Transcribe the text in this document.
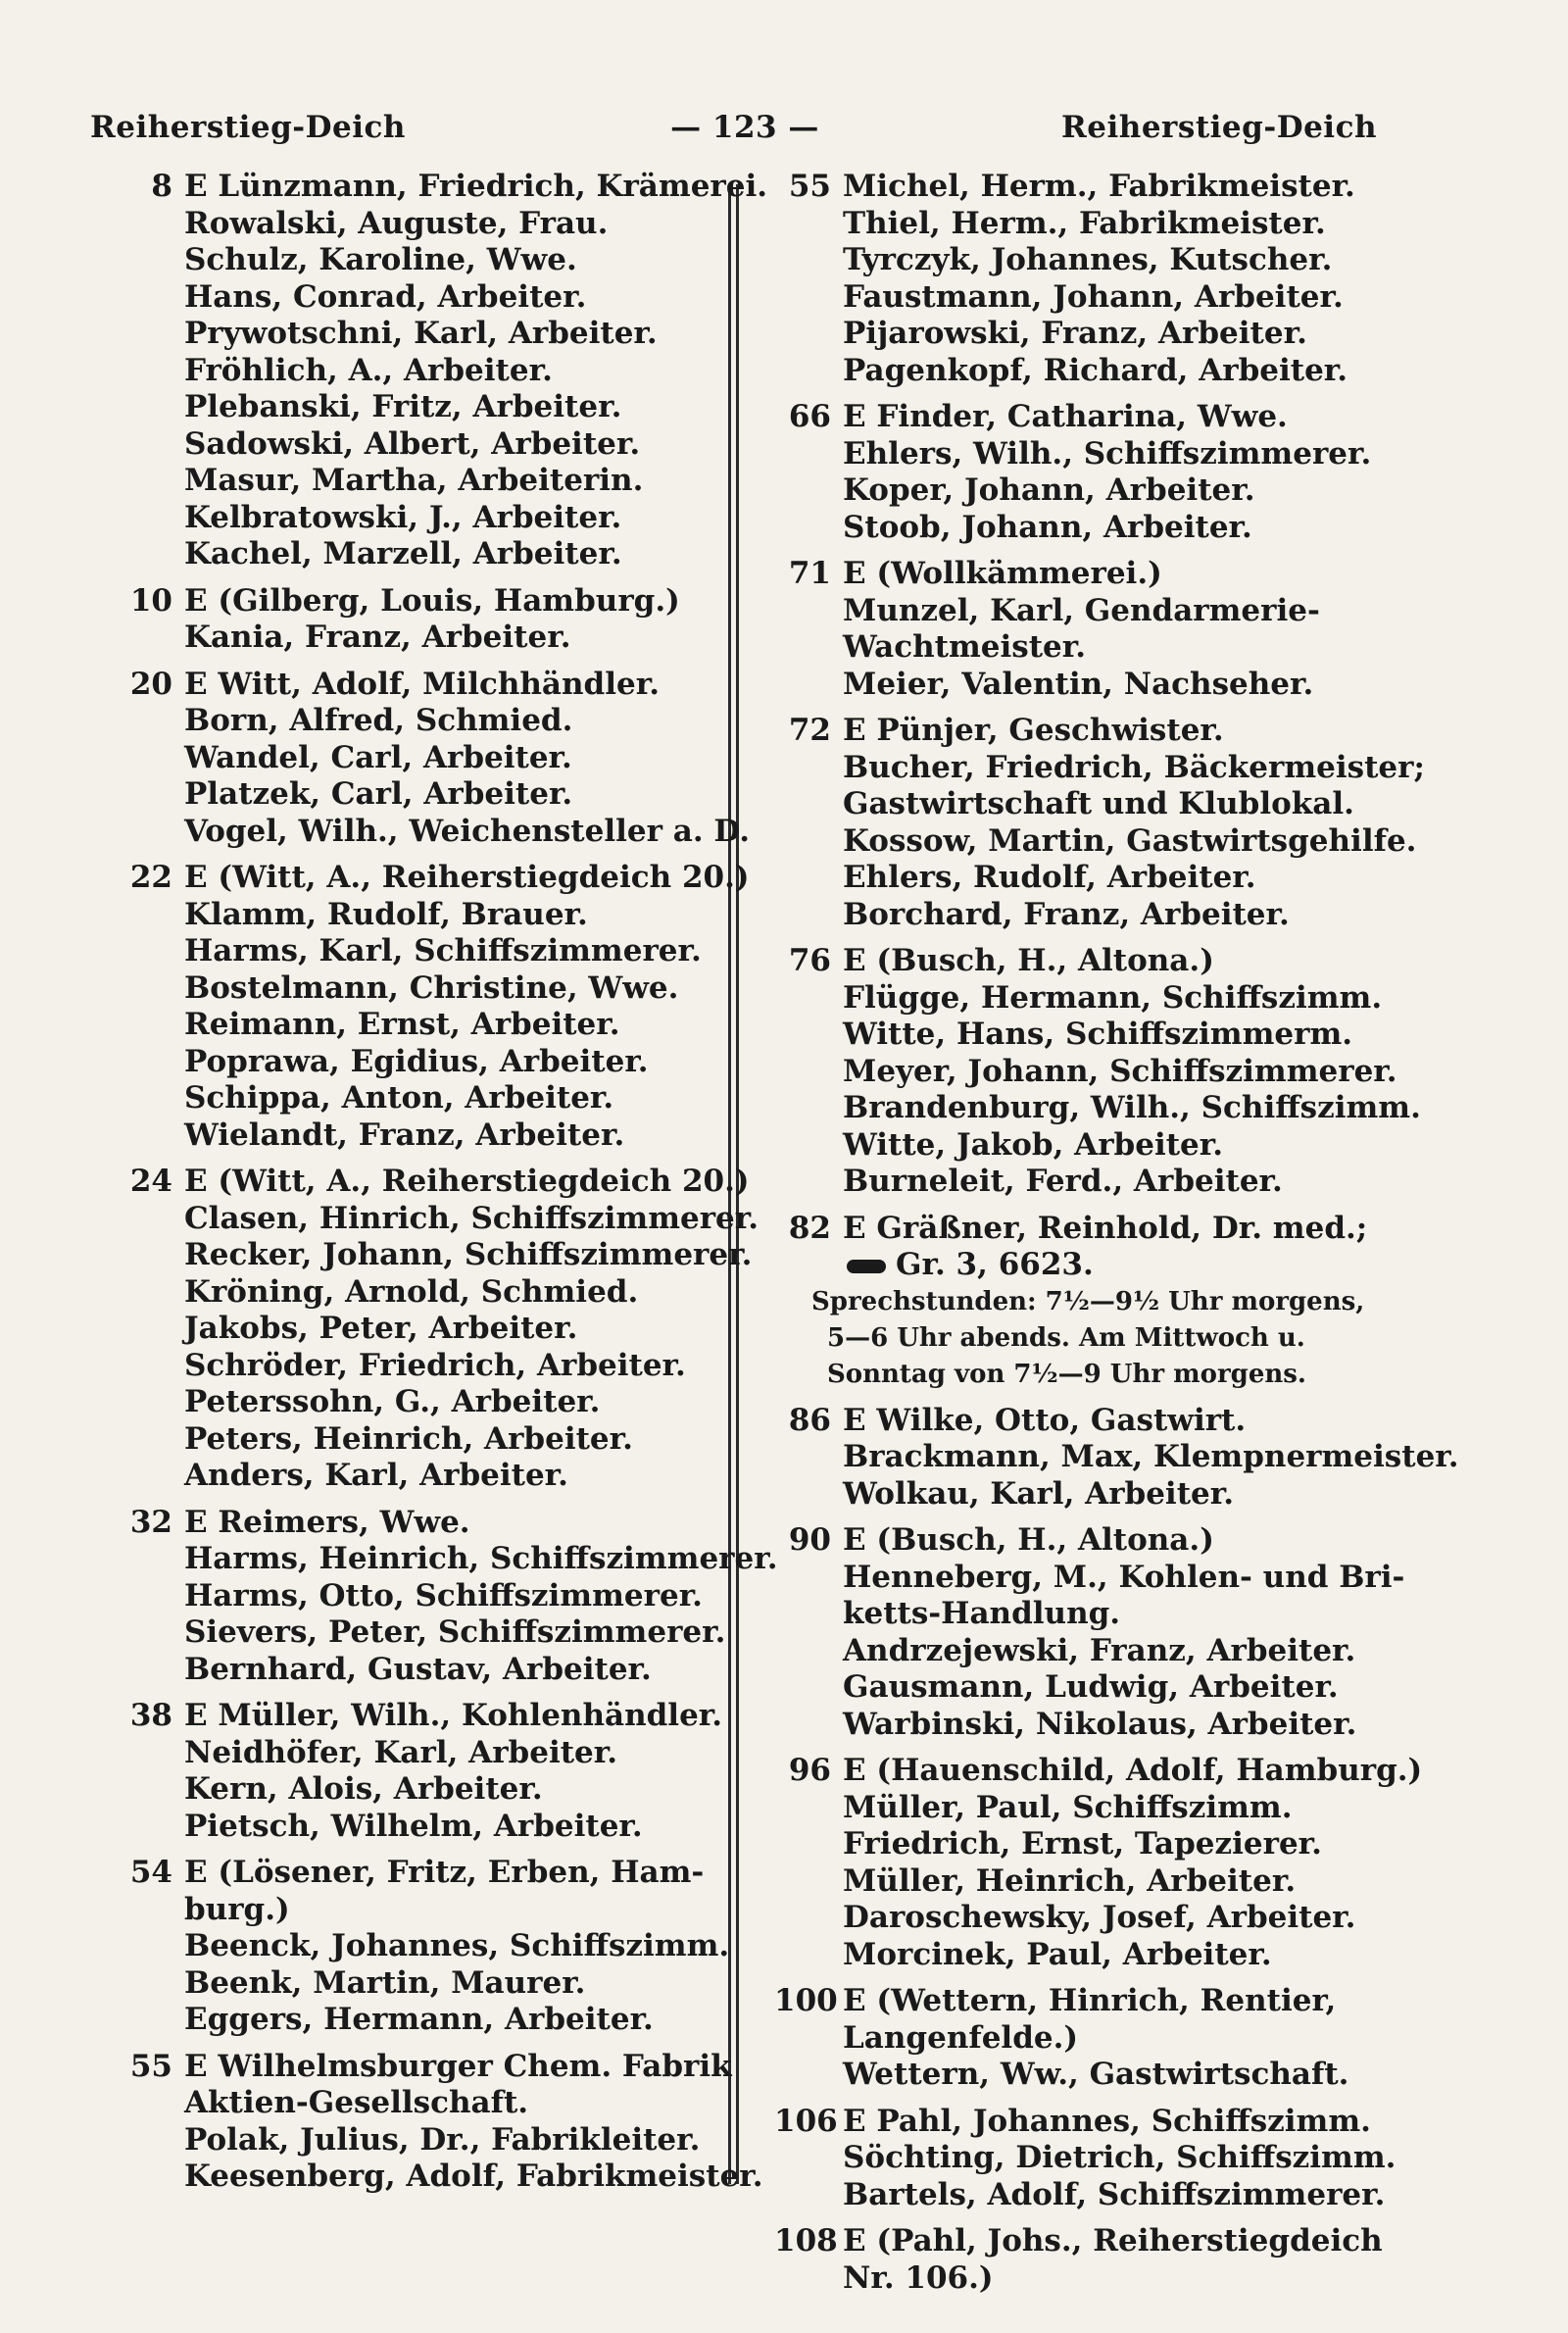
Reiherstieg-Deich	— 123 —	Reiherstieg-Deich
8 E Lünzmann, Friedrich, Krämerei.
Rowalski, Auguste, Frau.
Schulz, Karoline, Wwe.
Hans, Conrad, Arbeiter.
Prywotschni, Karl, Arbeiter.
Fröhlich, A., Arbeiter.
Plebanski, Fritz, Arbeiter.
Sadowski, Albert, Arbeiter.
Masur, Martha, Arbeiterin.
Kelbratowski, J., Arbeiter.
Kachel, Marzell, Arbeiter.
10 E (Gilberg, Louis, Hamburg.)
Kania, Franz, Arbeiter.
20 E Witt, Adolf, Milchhändler.
Born, Alfred, Schmied.
Wandel, Carl, Arbeiter.
Platzek, Carl, Arbeiter.
Vogel, Wilh., Weichensteller a. D.
22 E (Witt, A., Reiherstiegdeich 20.)
Klamm, Rudolf, Brauer.
Harms, Karl, Schiffszimmerer.
Bostelmann, Christine, Wwe.
Reimann, Ernst, Arbeiter.
Poprawa, Egidius, Arbeiter.
Schippa, Anton, Arbeiter.
Wielandt, Franz, Arbeiter.
24 E (Witt, A., Reiherstiegdeich 20.)
Clasen, Hinrich, Schiffszimmerer.
Recker, Johann, Schiffszimmerer.
Kröning, Arnold, Schmied.
Jakobs, Peter, Arbeiter.
Schröder, Friedrich, Arbeiter.
Peterssohn, G., Arbeiter.
Peters, Heinrich, Arbeiter.
Anders, Karl, Arbeiter.
32 E Reimers, Wwe.
Harms, Heinrich, Schiffszimmerer.
Harms, Otto, Schiffszimmerer.
Sievers, Peter, Schiffszimmerer.
Bernhard, Gustav, Arbeiter.
38 E Müller, Wilh., Kohlenhändler.
Neidhöfer, Karl, Arbeiter.
Kern, Alois, Arbeiter.
Pietsch, Wilhelm, Arbeiter.
54 E (Lösener, Fritz, Erben, Ham-
burg.)
Beenck, Johannes, Schiffszimm.
Beenk, Martin, Maurer.
Eggers, Hermann, Arbeiter.
55 E Wilhelmsburger Chem. Fabrik
Aktien-Gesellschaft.
Polak, Julius, Dr., Fabrikleiter.
Keesenberg, Adolf, Fabrikmeister.
55 Michel, Herm., Fabrikmeister.
Thiel, Herm., Fabrikmeister.
Tyrczyk, Johannes, Kutscher.
Faustmann, Johann, Arbeiter.
Pijarowski, Franz, Arbeiter.
Pagenkopf, Richard, Arbeiter.
66 E Finder, Catharina, Wwe.
Ehlers, Wilh., Schiffszimmerer.
Koper, Johann, Arbeiter.
Stoob, Johann, Arbeiter.
71 E (Wollkämmerei.)
Munzel, Karl, Gendarmerie-
Wachtmeister.
Meier, Valentin, Nachseher.
72 E Pünjer, Geschwister.
Bucher, Friedrich, Bäckermeister;
Gastwirtschaft und Klublokal.
Kossow, Martin, Gastwirtsgehilfe.
Ehlers, Rudolf, Arbeiter.
Borchard, Franz, Arbeiter.
76 E (Busch, H., Altona.)
Flügge, Hermann, Schiffszimm.
Witte, Hans, Schiffszimmerm.
Meyer, Johann, Schiffszimmerer.
Brandenburg, Wilh., Schiffszimm.
Witte, Jakob, Arbeiter.
Burneleit, Ferd., Arbeiter.
82 E Gräßner, Reinhold, Dr. med.;
Gr. 3, 6623.
Sprechstunden: 7½—9½ Uhr morgens,
5—6 Uhr abends. Am Mittwoch u.
Sonntag von 7½—9 Uhr morgens.
86 E Wilke, Otto, Gastwirt.
Brackmann, Max, Klempnermeister.
Wolkau, Karl, Arbeiter.
90 E (Busch, H., Altona.)
Henneberg, M., Kohlen- und Bri-
ketts-Handlung.
Andrzejewski, Franz, Arbeiter.
Gausmann, Ludwig, Arbeiter.
Warbinski, Nikolaus, Arbeiter.
96 E (Hauenschild, Adolf, Hamburg.)
Müller, Paul, Schiffszimm.
Friedrich, Ernst, Tapezierer.
Müller, Heinrich, Arbeiter.
Daroschewsky, Josef, Arbeiter.
Morcinek, Paul, Arbeiter.
100 E (Wettern, Hinrich, Rentier,
Langenfelde.)
Wettern, Ww., Gastwirtschaft.
106 E Pahl, Johannes, Schiffszimm.
Söchting, Dietrich, Schiffszimm.
Bartels, Adolf, Schiffszimmerer.
108 E (Pahl, Johs., Reiherstiegdeich
Nr. 106.)
